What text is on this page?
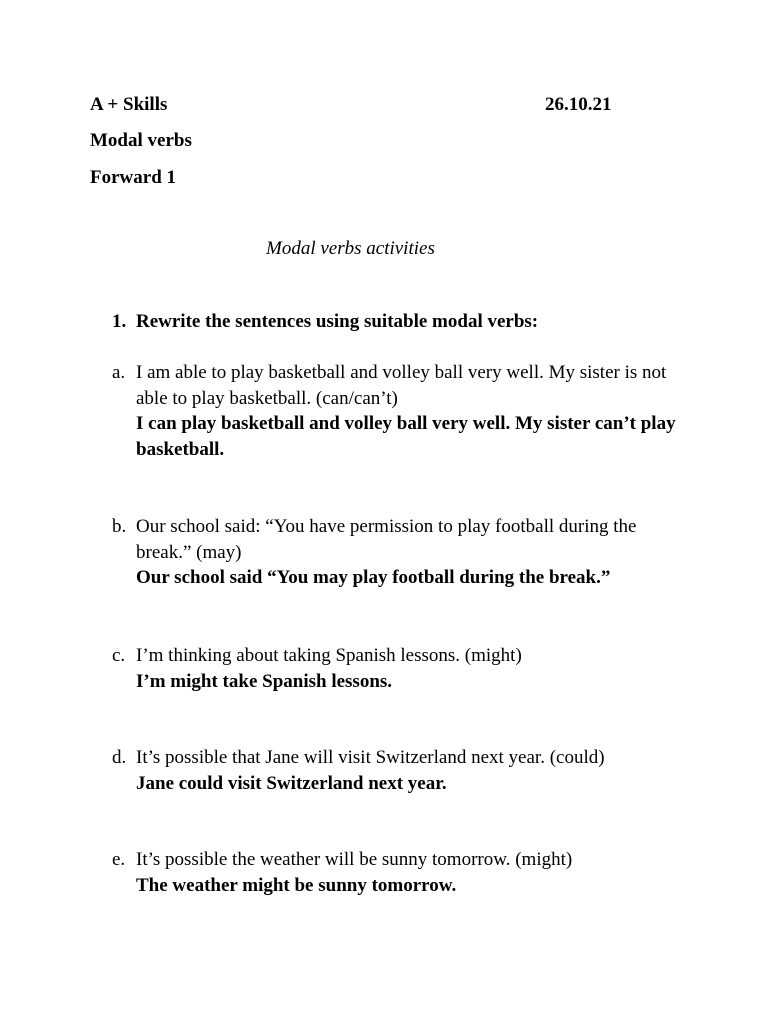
A + Skills	26.10.21
Modal verbs
Forward 1
Modal verbs activities
1. Rewrite the sentences using suitable modal verbs:
a. I am able to play basketball and volley ball very well. My sister is not able to play basketball. (can/can’t)
I can play basketball and volley ball very well. My sister can’t play basketball.
b. Our school said: “You have permission to play football during the break.” (may)
Our school said “You may play football during the break.”
c. I’m thinking about taking Spanish lessons. (might)
I’m might take Spanish lessons.
d. It’s possible that Jane will visit Switzerland next year. (could)
Jane could visit Switzerland next year.
e. It’s possible the weather will be sunny tomorrow. (might)
The weather might be sunny tomorrow.
